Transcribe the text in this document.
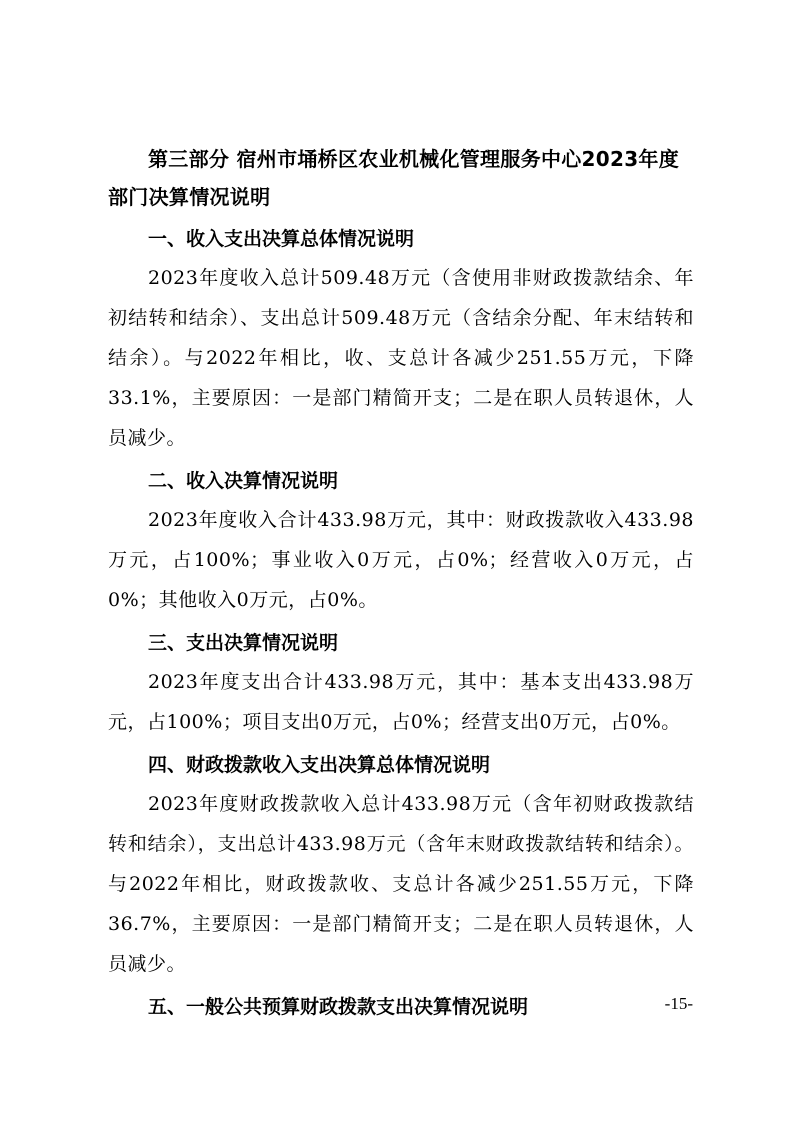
第三部分 宿州市埇桥区农业机械化管理服务中心2023年度部门决算情况说明
一、收入支出决算总体情况说明

2023年度收入总计509.48万元（含使用非财政拨款结余、年初结转和结余）、支出总计509.48万元（含结余分配、年末结转和结余）。与2022年相比，收、支总计各减少251.55万元，下降33.1%，主要原因：一是部门精简开支；二是在职人员转退休，人员减少。

二、收入决算情况说明

2023年度收入合计433.98万元，其中：财政拨款收入433.98万元，占100%；事业收入0万元，占0%；经营收入0万元，占0%；其他收入0万元，占0%。

三、支出决算情况说明

2023年度支出合计433.98万元，其中：基本支出433.98万元，占100%；项目支出0万元，占0%；经营支出0万元，占0%。

四、财政拨款收入支出决算总体情况说明

2023年度财政拨款收入总计433.98万元（含年初财政拨款结转和结余），支出总计433.98万元（含年末财政拨款结转和结余）。与2022年相比，财政拨款收、支总计各减少251.55万元，下降36.7%，主要原因：一是部门精简开支；二是在职人员转退休，人员减少。

五、一般公共预算财政拨款支出决算情况说明	-15-
